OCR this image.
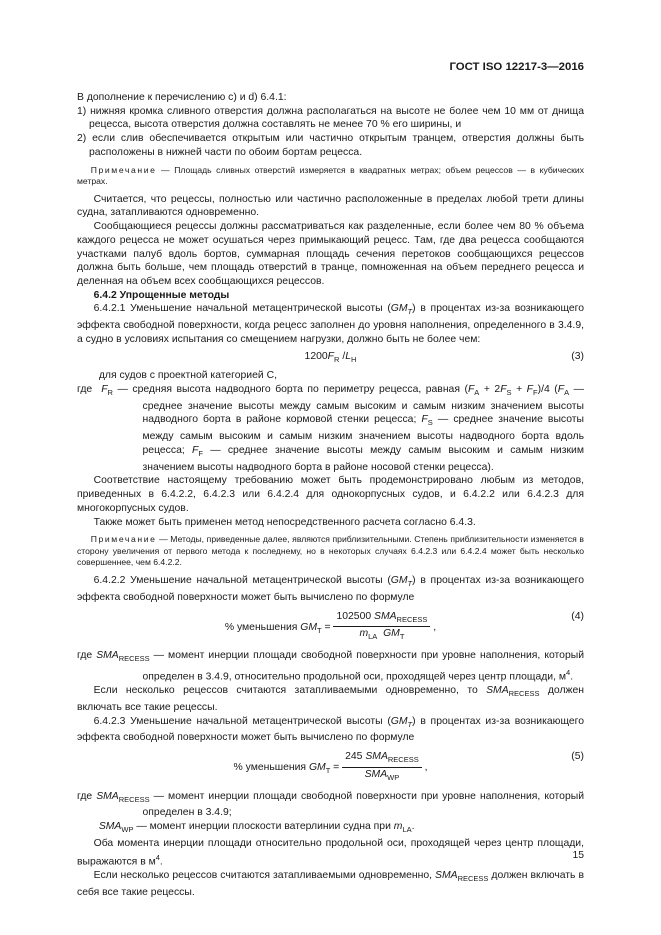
ГОСТ ISO 12217-3—2016

В дополнение к перечислению с) и d) 6.4.1:

1) нижняя кромка сливного отверстия должна располагаться на высоте не более чем 10 мм от днища рецесса, высота отверстия должна составлять не менее 70 % его ширины, и

2) если слив обеспечивается открытым или частично открытым транцем, отверстия должны быть расположены в нижней части по обоим бортам рецесса.

Примечание — Площадь сливных отверстий измеряется в квадратных метрах; объем рецессов — в кубических метрах.

Считается, что рецессы, полностью или частично расположенные в пределах любой трети длины судна, затапливаются одновременно.

Сообщающиеся рецессы должны рассматриваться как разделенные, если более чем 80 % объема каждого рецесса не может осушаться через примыкающий рецесс. Там, где два рецесса сообщаются участками палуб вдоль бортов, суммарная площадь сечения перетоков сообщающихся рецессов должна быть больше, чем площадь отверстий в транце, помноженная на объем переднего рецесса и деленная на объем всех сообщающихся рецессов.

6.4.2 Упрощенные методы

6.4.2.1 Уменьшение начальной метацентрической высоты $(GM_T)$ в процентах из-за возникающего эффекта свободной поверхности, когда рецесс заполнен до уровня наполнения, определенного в 3.4.9, а судно в условиях испытания со смещением нагрузки, должно быть не более чем:

$1200F_R$ $/L_H$	(3)

для судов с проектной категорией С,

где $F_R$ — средняя высота надводного борта по периметру рецесса, равная $(F_A + 2F_S + F_F)/4$ ($F_A$ — среднее значение высоты между самым высоким и самым низким значением высоты надводного борта в районе кормовой стенки рецесса; $F_S$ — среднее значение высоты между самым высоким и самым низким значением высоты надводного борта вдоль рецесса; $F_F$ — среднее значение высоты между самым высоким и самым низким значением высоты надводного борта в районе носовой стенки рецесса).

Соответствие настоящему требованию может быть продемонстрировано любым из методов, приведенных в 6.4.2.2, 6.4.2.3 или 6.4.2.4 для однокорпусных судов, и 6.4.2.2 или 6.4.2.3 для многокорпусных судов.

Также может быть применен метод непосредственного расчета согласно 6.4.3.

Примечание — Методы, приведенные далее, являются приблизительными. Степень приблизительности изменяется в сторону увеличения от первого метода к последнему, но в некоторых случаях 6.4.2.3 или 6.4.2.4 может быть несколько совершеннее, чем 6.4.2.2.

6.4.2.2 Уменьшение начальной метацентрической высоты $(GM_T)$ в процентах из-за возникающего эффекта свободной поверхности может быть вычислено по формуле

% уменьшения $GM_T = \frac{102500 SMA_{RECESS}}{m_{LA} GM_T}$ ,
(4)

где $SMA_{RECESS}$ — момент инерции площади свободной поверхности при уровне наполнения, который определен в 3.4.9, относительно продольной оси, проходящей через центр площади, $м^4$.

Если несколько рецессов считаются затапливаемыми одновременно, то $SMA_{RECESS}$ должен включать все такие рецессы.

6.4.2.3 Уменьшение начальной метацентрической высоты $(GM_T)$ в процентах из-за возникающего эффекта свободной поверхности может быть вычислено по формуле

% уменьшения $GM_T = \frac{245 SMA_{RECESS}}{SMA_{WP}}$ ,
(5)

где $SMA_{RECESS}$ — момент инерции площади свободной поверхности при уровне наполнения, который определен в 3.4.9;

$SMA_{WP}$ — момент инерции плоскости ватерлинии судна при $m_{LA}$.

Оба момента инерции площади относительно продольной оси, проходящей через центр площади, выражаются в $м^4$.

Если несколько рецессов считаются затапливаемыми одновременно, $SMA_{RECESS}$ должен включать в себя все такие рецессы.

15
